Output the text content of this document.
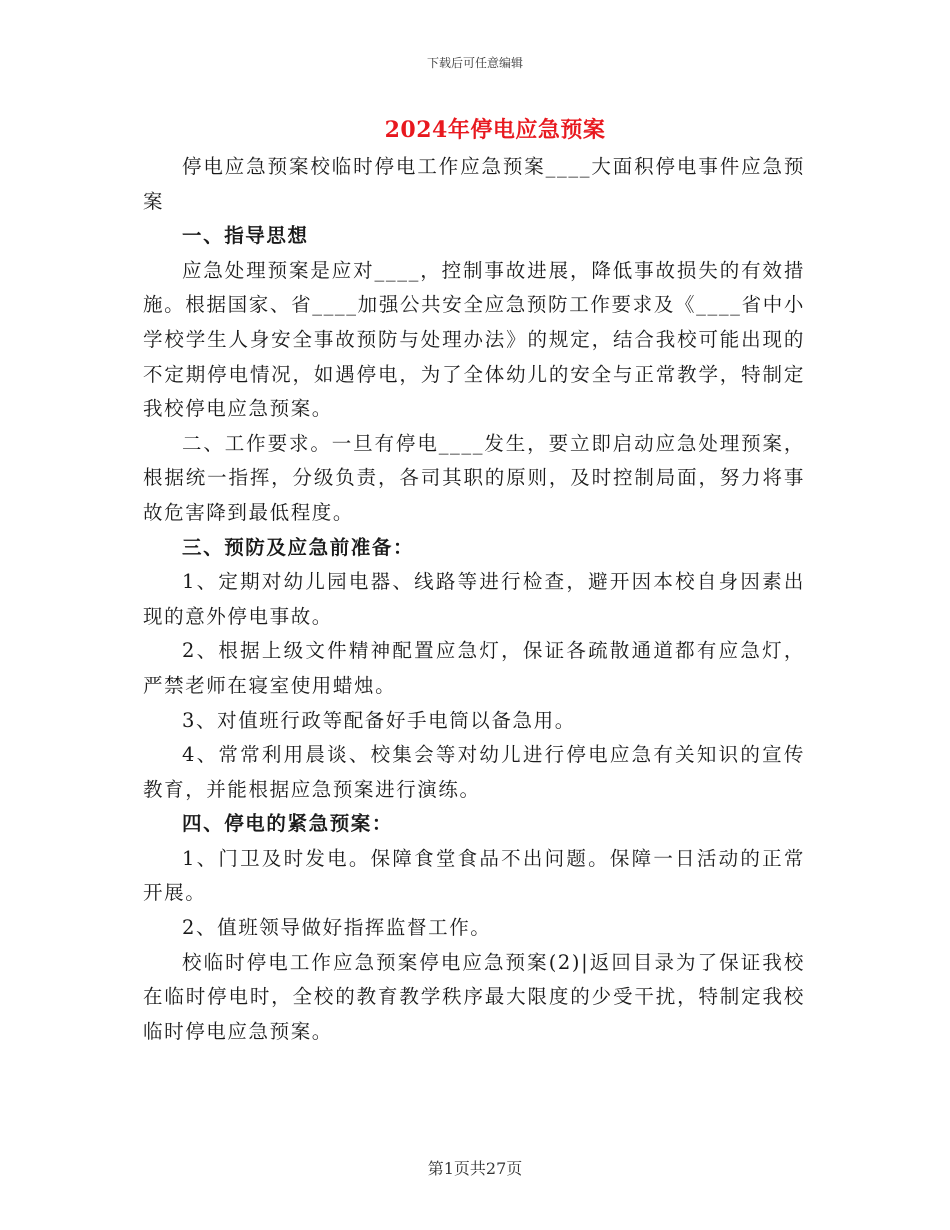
下载后可任意编辑
2024年停电应急预案

停电应急预案校临时停电工作应急预案____大面积停电事件应急预案

一、指导思想

应急处理预案是应对____，控制事故进展，降低事故损失的有效措施。根据国家、省____加强公共安全应急预防工作要求及《____省中小学校学生人身安全事故预防与处理办法》的规定，结合我校可能出现的不定期停电情况，如遇停电，为了全体幼儿的安全与正常教学，特制定我校停电应急预案。

二、工作要求。一旦有停电____发生，要立即启动应急处理预案，根据统一指挥，分级负责，各司其职的原则，及时控制局面，努力将事故危害降到最低程度。

三、预防及应急前准备：

1、定期对幼儿园电器、线路等进行检查，避开因本校自身因素出现的意外停电事故。

2、根据上级文件精神配置应急灯，保证各疏散通道都有应急灯，严禁老师在寝室使用蜡烛。

3、对值班行政等配备好手电筒以备急用。

4、常常利用晨谈、校集会等对幼儿进行停电应急有关知识的宣传教育，并能根据应急预案进行演练。

四、停电的紧急预案：

1、门卫及时发电。保障食堂食品不出问题。保障一日活动的正常开展。

2、值班领导做好指挥监督工作。

校临时停电工作应急预案停电应急预案(2)|返回目录为了保证我校在临时停电时，全校的教育教学秩序最大限度的少受干扰，特制定我校临时停电应急预案。

第1页共27页
